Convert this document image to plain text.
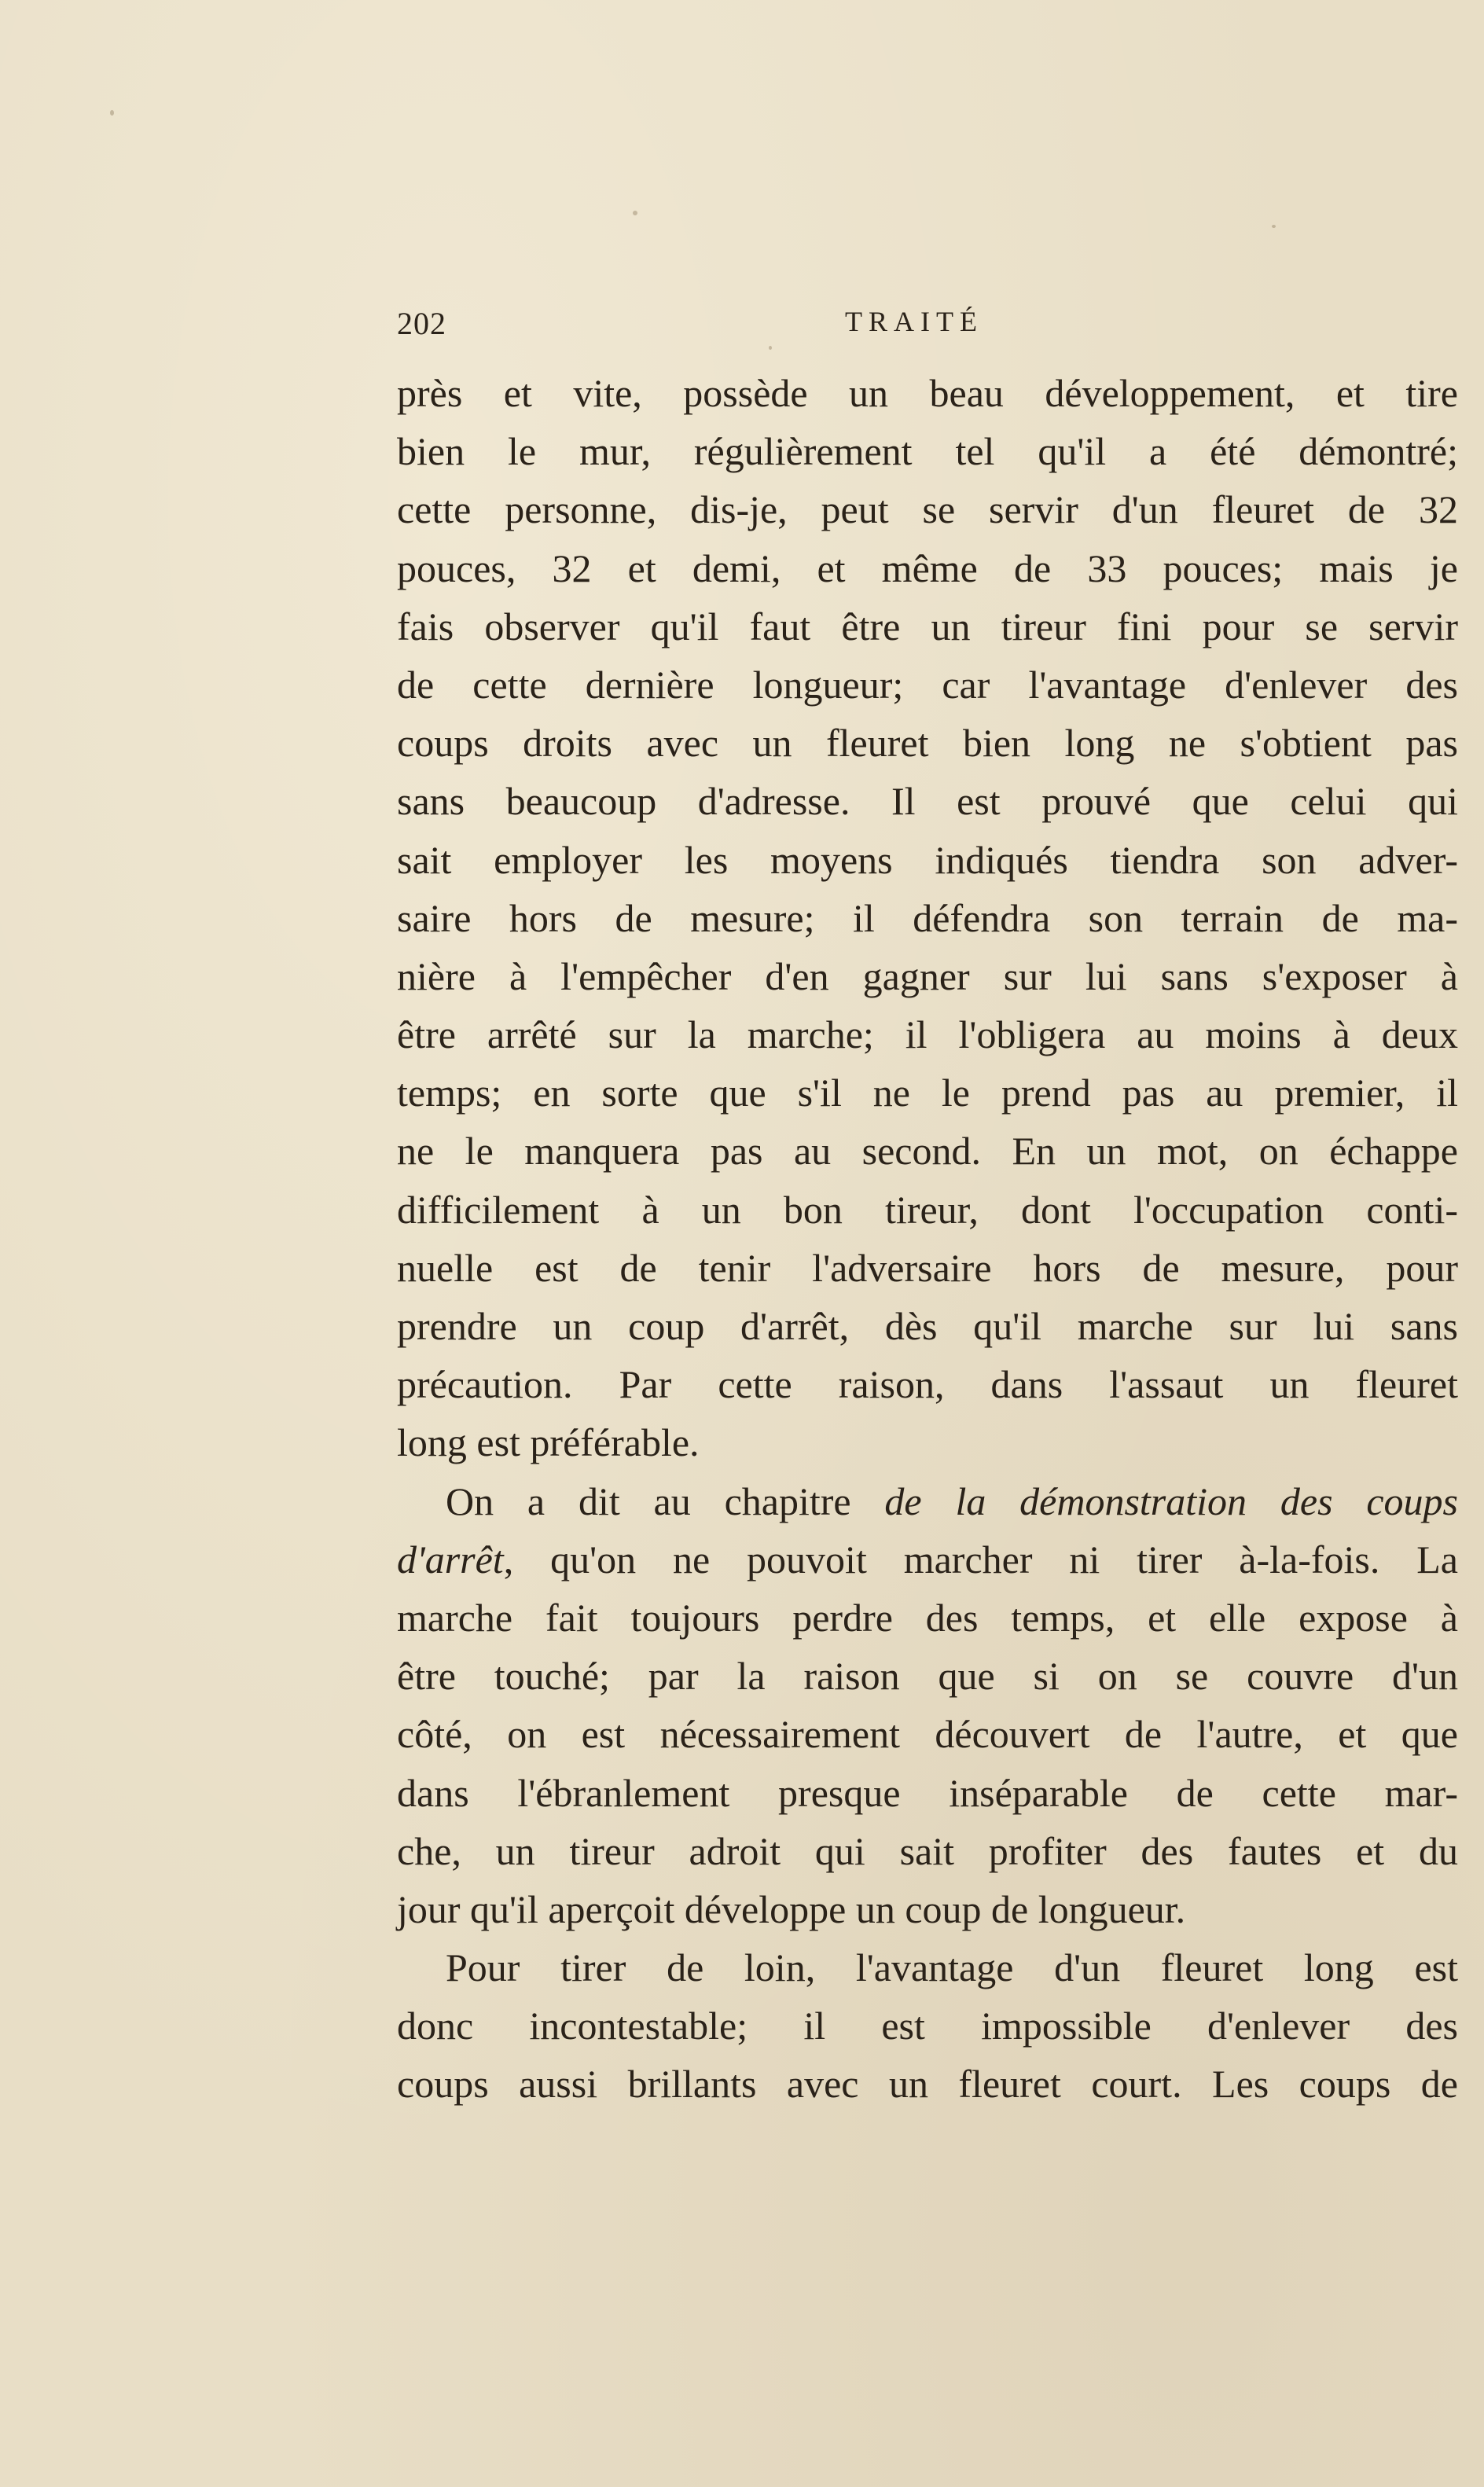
202	TRAITÉ
près et vite, possède un beau développement, et tire
bien le mur, régulièrement tel qu'il a été démontré;
cette personne, dis-je, peut se servir d'un fleuret de 32
pouces, 32 et demi, et même de 33 pouces; mais je
fais observer qu'il faut être un tireur fini pour se servir
de cette dernière longueur; car l'avantage d'enlever des
coups droits avec un fleuret bien long ne s'obtient pas
sans beaucoup d'adresse. Il est prouvé que celui qui
sait employer les moyens indiqués tiendra son adver-
saire hors de mesure; il défendra son terrain de ma-
nière à l'empêcher d'en gagner sur lui sans s'exposer à
être arrêté sur la marche; il l'obligera au moins à deux
temps; en sorte que s'il ne le prend pas au premier, il
ne le manquera pas au second. En un mot, on échappe
difficilement à un bon tireur, dont l'occupation conti-
nuelle est de tenir l'adversaire hors de mesure, pour
prendre un coup d'arrêt, dès qu'il marche sur lui sans
précaution. Par cette raison, dans l'assaut un fleuret
long est préférable.
On a dit au chapitre de la démonstration des coups
d'arrêt, qu'on ne pouvoit marcher ni tirer à-la-fois. La
marche fait toujours perdre des temps, et elle expose à
être touché; par la raison que si on se couvre d'un
côté, on est nécessairement découvert de l'autre, et que
dans l'ébranlement presque inséparable de cette mar-
che, un tireur adroit qui sait profiter des fautes et du
jour qu'il aperçoit développe un coup de longueur.
Pour tirer de loin, l'avantage d'un fleuret long est
donc incontestable; il est impossible d'enlever des
coups aussi brillants avec un fleuret court. Les coups de
